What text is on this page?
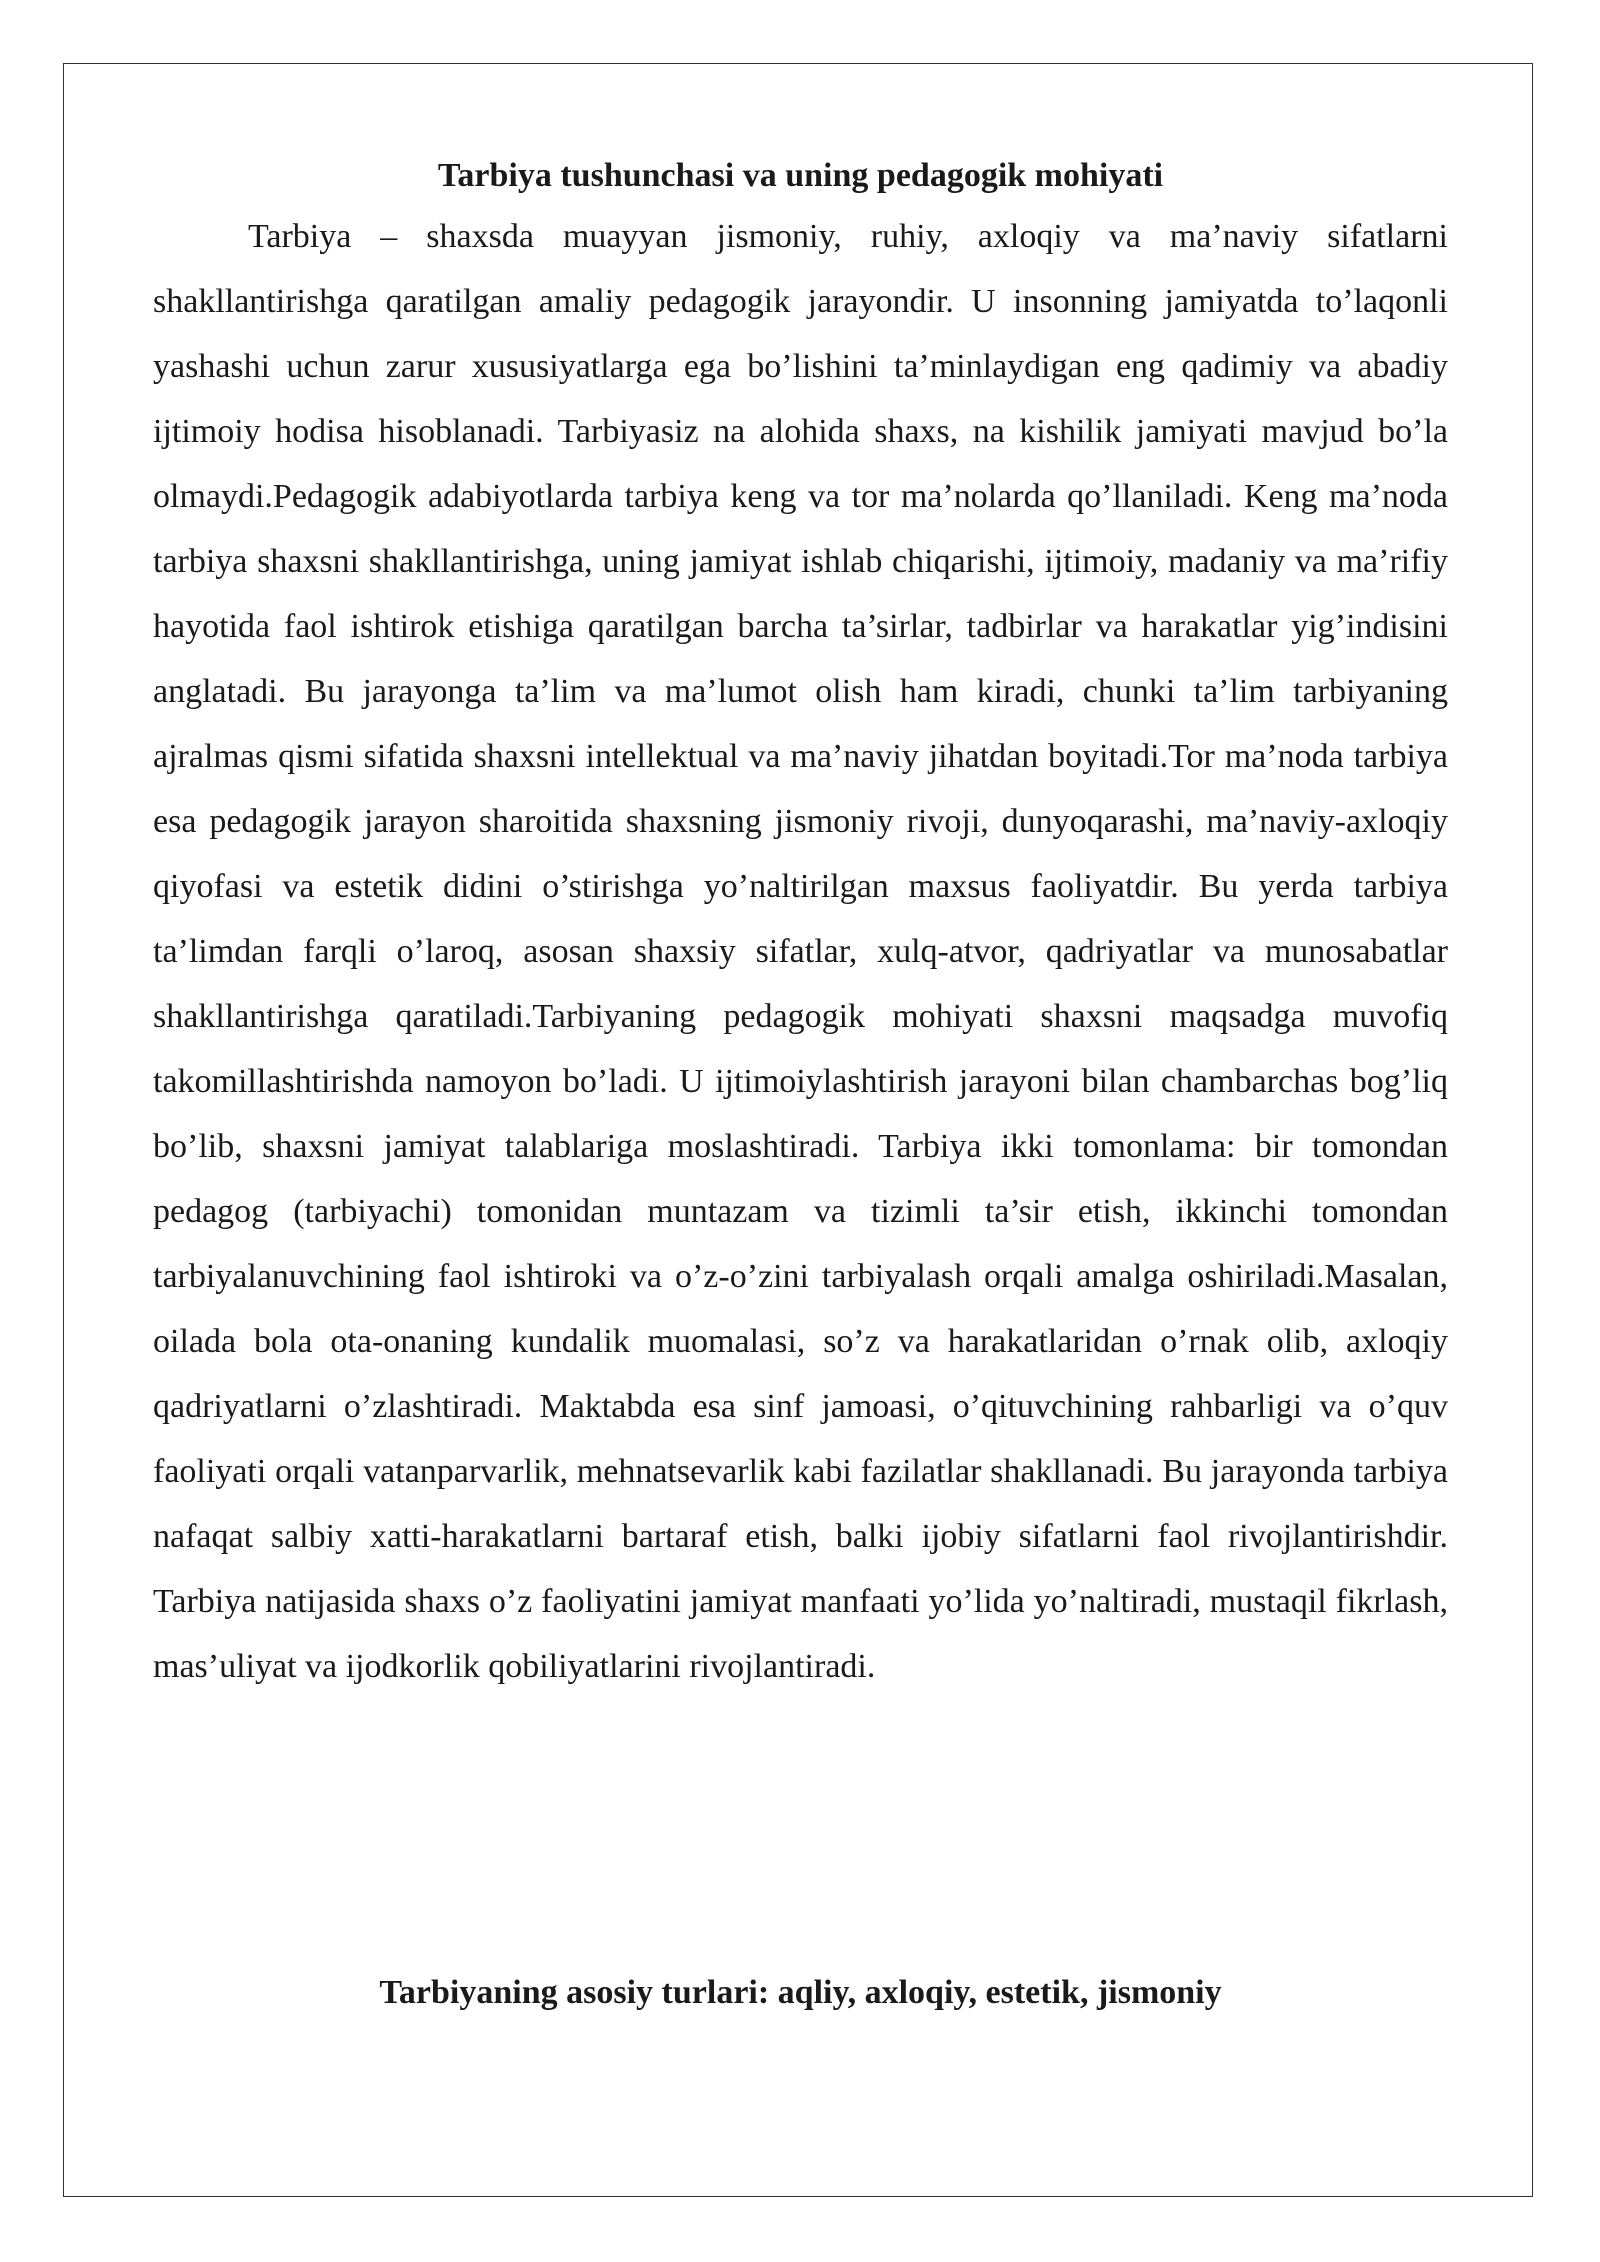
Tarbiya tushunchasi va uning pedagogik mohiyati

Tarbiya – shaxsda muayyan jismoniy, ruhiy, axloqiy va ma’naviy sifatlarni shakllantirishga qaratilgan amaliy pedagogik jarayondir. U insonning jamiyatda to’laqonli yashashi uchun zarur xususiyatlarga ega bo’lishini ta’minlaydigan eng qadimiy va abadiy ijtimoiy hodisa hisoblanadi. Tarbiyasiz na alohida shaxs, na kishilik jamiyati mavjud bo’la olmaydi.Pedagogik adabiyotlarda tarbiya keng va tor ma’nolarda qo’llaniladi. Keng ma’noda tarbiya shaxsni shakllantirishga, uning jamiyat ishlab chiqarishi, ijtimoiy, madaniy va ma’rifiy hayotida faol ishtirok etishiga qaratilgan barcha ta’sirlar, tadbirlar va harakatlar yig’indisini anglatadi. Bu jarayonga ta’lim va ma’lumot olish ham kiradi, chunki ta’lim tarbiyaning ajralmas qismi sifatida shaxsni intellektual va ma’naviy jihatdan boyitadi.Tor ma’noda tarbiya esa pedagogik jarayon sharoitida shaxsning jismoniy rivoji, dunyoqarashi, ma’naviy-axloqiy qiyofasi va estetik didini o’stirishga yo’naltirilgan maxsus faoliyatdir. Bu yerda tarbiya ta’limdan farqli o’laroq, asosan shaxsiy sifatlar, xulq-atvor, qadriyatlar va munosabatlar shakllantirishga qaratiladi.Tarbiyaning pedagogik mohiyati shaxsni maqsadga muvofiq takomillashtirishda namoyon bo’ladi. U ijtimoiylashtirish jarayoni bilan chambarchas bog’liq bo’lib, shaxsni jamiyat talablariga moslashtiradi. Tarbiya ikki tomonlama: bir tomondan pedagog (tarbiyachi) tomonidan muntazam va tizimli ta’sir etish, ikkinchi tomondan tarbiyalanuvchining faol ishtiroki va o’z-o’zini tarbiyalash orqali amalga oshiriladi.Masalan, oilada bola ota-onaning kundalik muomalasi, so’z va harakatlaridan o’rnak olib, axloqiy qadriyatlarni o’zlashtiradi. Maktabda esa sinf jamoasi, o’qituvchining rahbarligi va o’quv faoliyati orqali vatanparvarlik, mehnatsevarlik kabi fazilatlar shakllanadi. Bu jarayonda tarbiya nafaqat salbiy xatti-harakatlarni bartaraf etish, balki ijobiy sifatlarni faol rivojlantirishdir. Tarbiya natijasida shaxs o’z faoliyatini jamiyat manfaati yo’lida yo’naltiradi, mustaqil fikrlash, mas’uliyat va ijodkorlik qobiliyatlarini rivojlantiradi.

Tarbiyaning asosiy turlari: aqliy, axloqiy, estetik, jismoniy
